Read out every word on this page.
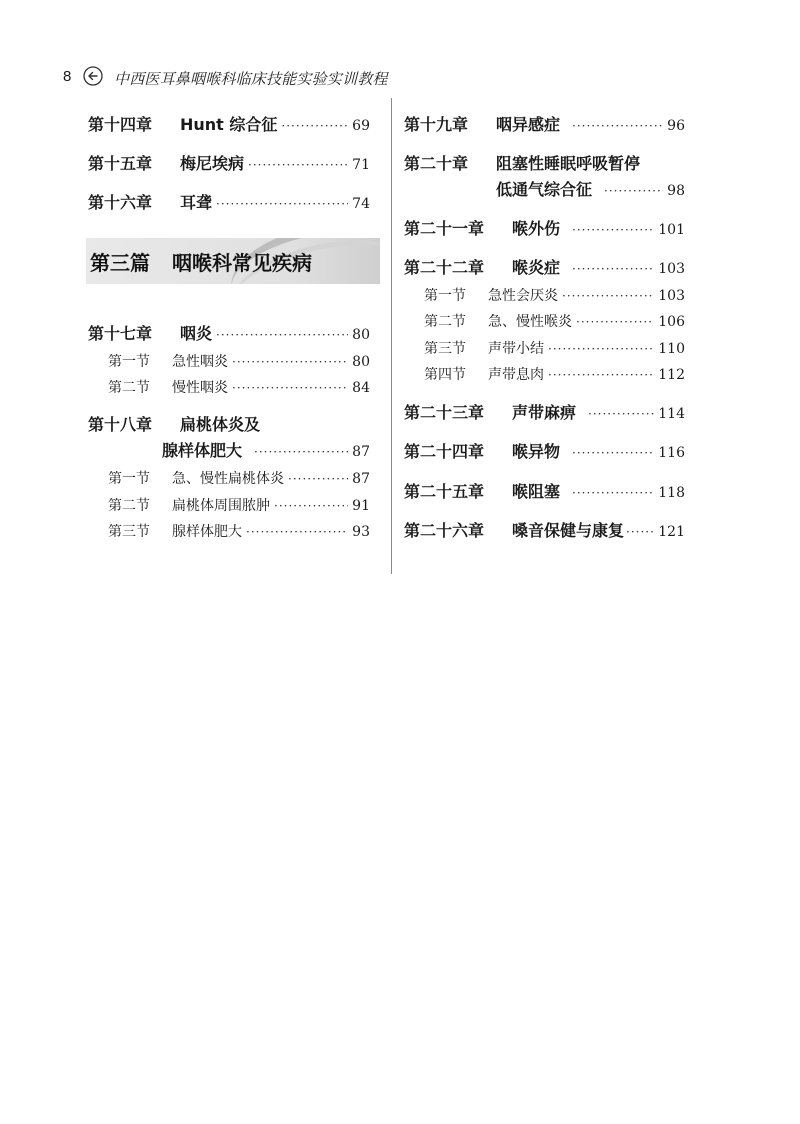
8	中西医耳鼻咽喉科临床技能实验实训教程
第十四章	Hunt 综合征 ·····	69
第十五章	梅尼埃病 ·····	71
第十六章	耳聋 ·····	74
第三篇 咽喉科常见疾病
第十七章	咽炎 ·····	80
第一节	急性咽炎 ·····	80
第二节	慢性咽炎 ·····	84
第十八章	扁桃体炎及
腺样体肥大 ·····	87
第一节	急、慢性扁桃体炎 ·····	87
第二节	扁桃体周围脓肿 ·····	91
第三节	腺样体肥大 ·····	93
第十九章	咽异感症 ·····	96
第二十章	阻塞性睡眠呼吸暂停
低通气综合征 ·····	98
第二十一章	喉外伤 ·····	101
第二十二章	喉炎症 ·····	103
第一节	急性会厌炎 ·····	103
第二节	急、慢性喉炎 ·····	106
第三节	声带小结 ·····	110
第四节	声带息肉 ·····	112
第二十三章	声带麻痹 ·····	114
第二十四章	喉异物 ·····	116
第二十五章	喉阻塞 ·····	118
第二十六章	嗓音保健与康复 ····· 121
